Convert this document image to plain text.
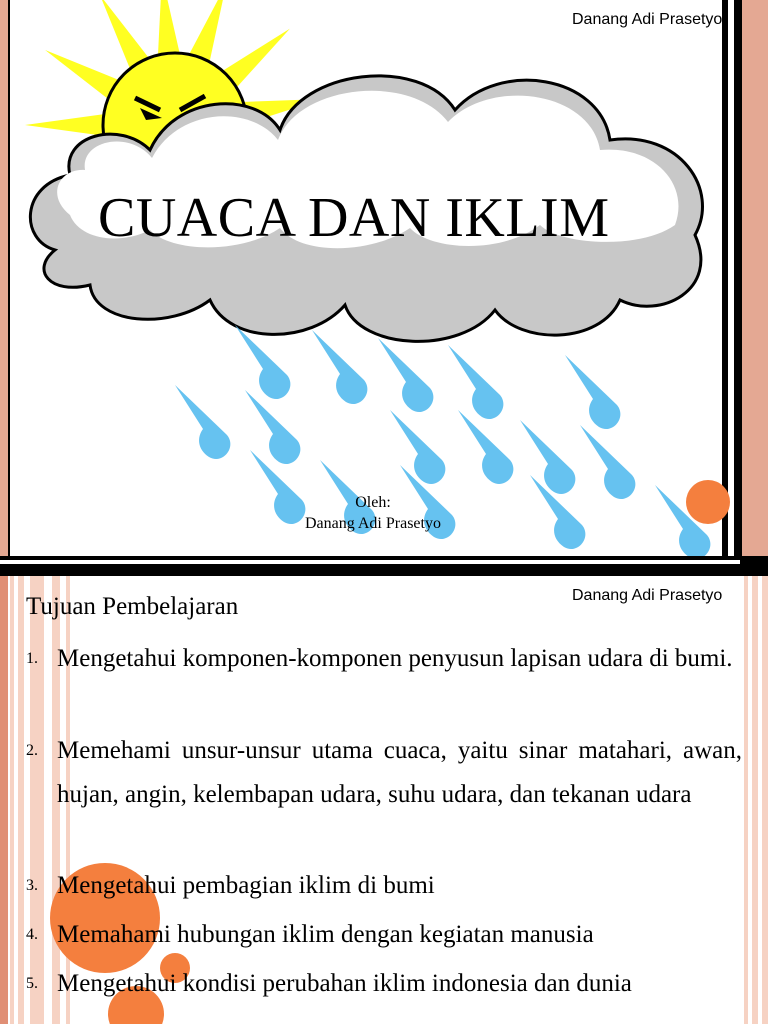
Danang Adi Prasetyo
CUACA DAN IKLIM
Oleh:
Danang Adi Prasetyo
Danang Adi Prasetyo
Tujuan Pembelajaran
1. Mengetahui komponen-komponen penyusun lapisan udara di bumi.
2. Memehami unsur-unsur utama cuaca, yaitu sinar matahari, awan, hujan, angin, kelembapan udara, suhu udara, dan tekanan udara
3. Mengetahui pembagian iklim di bumi
4. Memahami hubungan iklim dengan kegiatan manusia
5. Mengetahui kondisi perubahan iklim indonesia dan dunia
